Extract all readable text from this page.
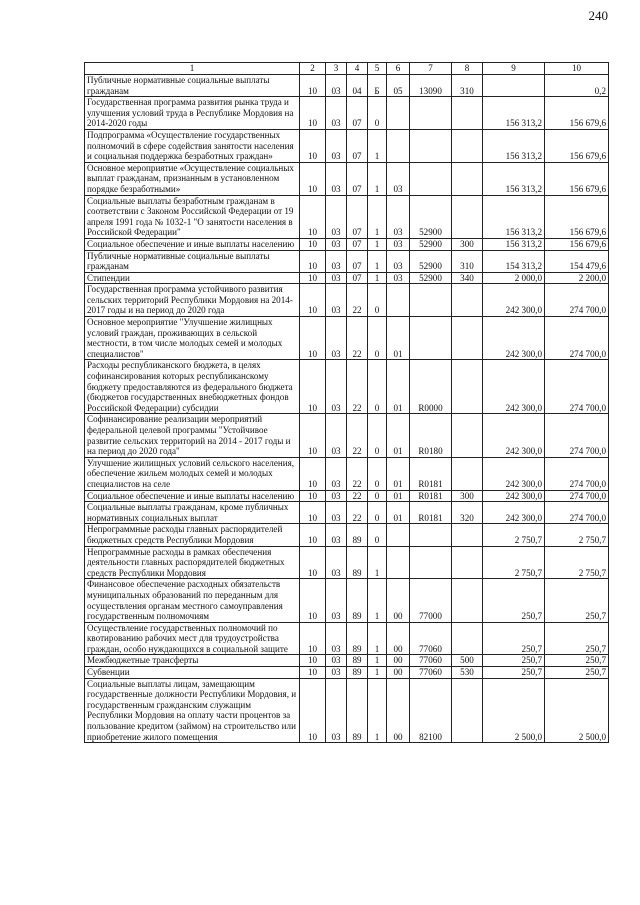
240
1	2	3	4	5	6	7	8	9	10
Публичные нормативные социальные выплаты гражданам	10	03	04	Б	05	13090	310		0,2
Государственная программа развития рынка труда и улучшения условий труда в Республике Мордовия на 2014-2020 годы	10	03	07	0				156 313,2	156 679,6
Подпрограмма «Осуществление государственных полномочий в сфере содействия занятости населения и социальная поддержка безработных граждан»	10	03	07	1				156 313,2	156 679,6
Основное мероприятие «Осуществление социальных выплат гражданам, признанным в установленном порядке безработными»	10	03	07	1	03			156 313,2	156 679,6
Социальные выплаты безработным гражданам в соответствии с Законом Российской Федерации от 19 апреля 1991 года № 1032-1 "О занятости населения в Российской Федерации"	10	03	07	1	03	52900		156 313,2	156 679,6
Социальное обеспечение и иные выплаты населению	10	03	07	1	03	52900	300	156 313,2	156 679,6
Публичные нормативные социальные выплаты гражданам	10	03	07	1	03	52900	310	154 313,2	154 479,6
Стипендии	10	03	07	1	03	52900	340	2 000,0	2 200,0
Государственная программа устойчивого развития сельских территорий Республики Мордовия на 2014-2017 годы и на период до 2020 года	10	03	22	0				242 300,0	274 700,0
Основное мероприятие "Улучшение жилищных условий граждан, проживающих в сельской местности, в том числе молодых семей и молодых специалистов"	10	03	22	0	01			242 300,0	274 700,0
Расходы республиканского бюджета, в целях софинансирования которых республиканскому бюджету предоставляются из федерального бюджета (бюджетов государственных внебюджетных фондов Российской Федерации) субсидии	10	03	22	0	01	R0000		242 300,0	274 700,0
Софинансирование реализации мероприятий федеральной целевой программы "Устойчивое развитие сельских территорий на 2014 - 2017 годы и на период до 2020 года"	10	03	22	0	01	R0180		242 300,0	274 700,0
Улучшение жилищных условий сельского населения, обеспечение жильем молодых семей и молодых специалистов на селе	10	03	22	0	01	R0181		242 300,0	274 700,0
Социальное обеспечение и иные выплаты населению	10	03	22	0	01	R0181	300	242 300,0	274 700,0
Социальные выплаты гражданам, кроме публичных нормативных социальных выплат	10	03	22	0	01	R0181	320	242 300,0	274 700,0
Непрограммные расходы главных распорядителей бюджетных средств Республики Мордовия	10	03	89	0				2 750,7	2 750,7
Непрограммные расходы в рамках обеспечения деятельности главных распорядителей бюджетных средств Республики Мордовия	10	03	89	1				2 750,7	2 750,7
Финансовое обеспечение расходных обязательств муниципальных образований по переданным для осуществления органам местного самоуправления государственным полномочиям	10	03	89	1	00	77000		250,7	250,7
Осуществление государственных полномочий по квотированию рабочих мест для трудоустройства граждан, особо нуждающихся в социальной защите	10	03	89	1	00	77060		250,7	250,7
Межбюджетные трансферты	10	03	89	1	00	77060	500	250,7	250,7
Субвенции	10	03	89	1	00	77060	530	250,7	250,7
Социальные выплаты лицам, замещающим государственные должности Республики Мордовия, и государственным гражданским служащим Республики Мордовия на оплату части процентов за пользование кредитом (займом) на строительство или приобретение жилого помещения	10	03	89	1	00	82100		2 500,0	2 500,0
